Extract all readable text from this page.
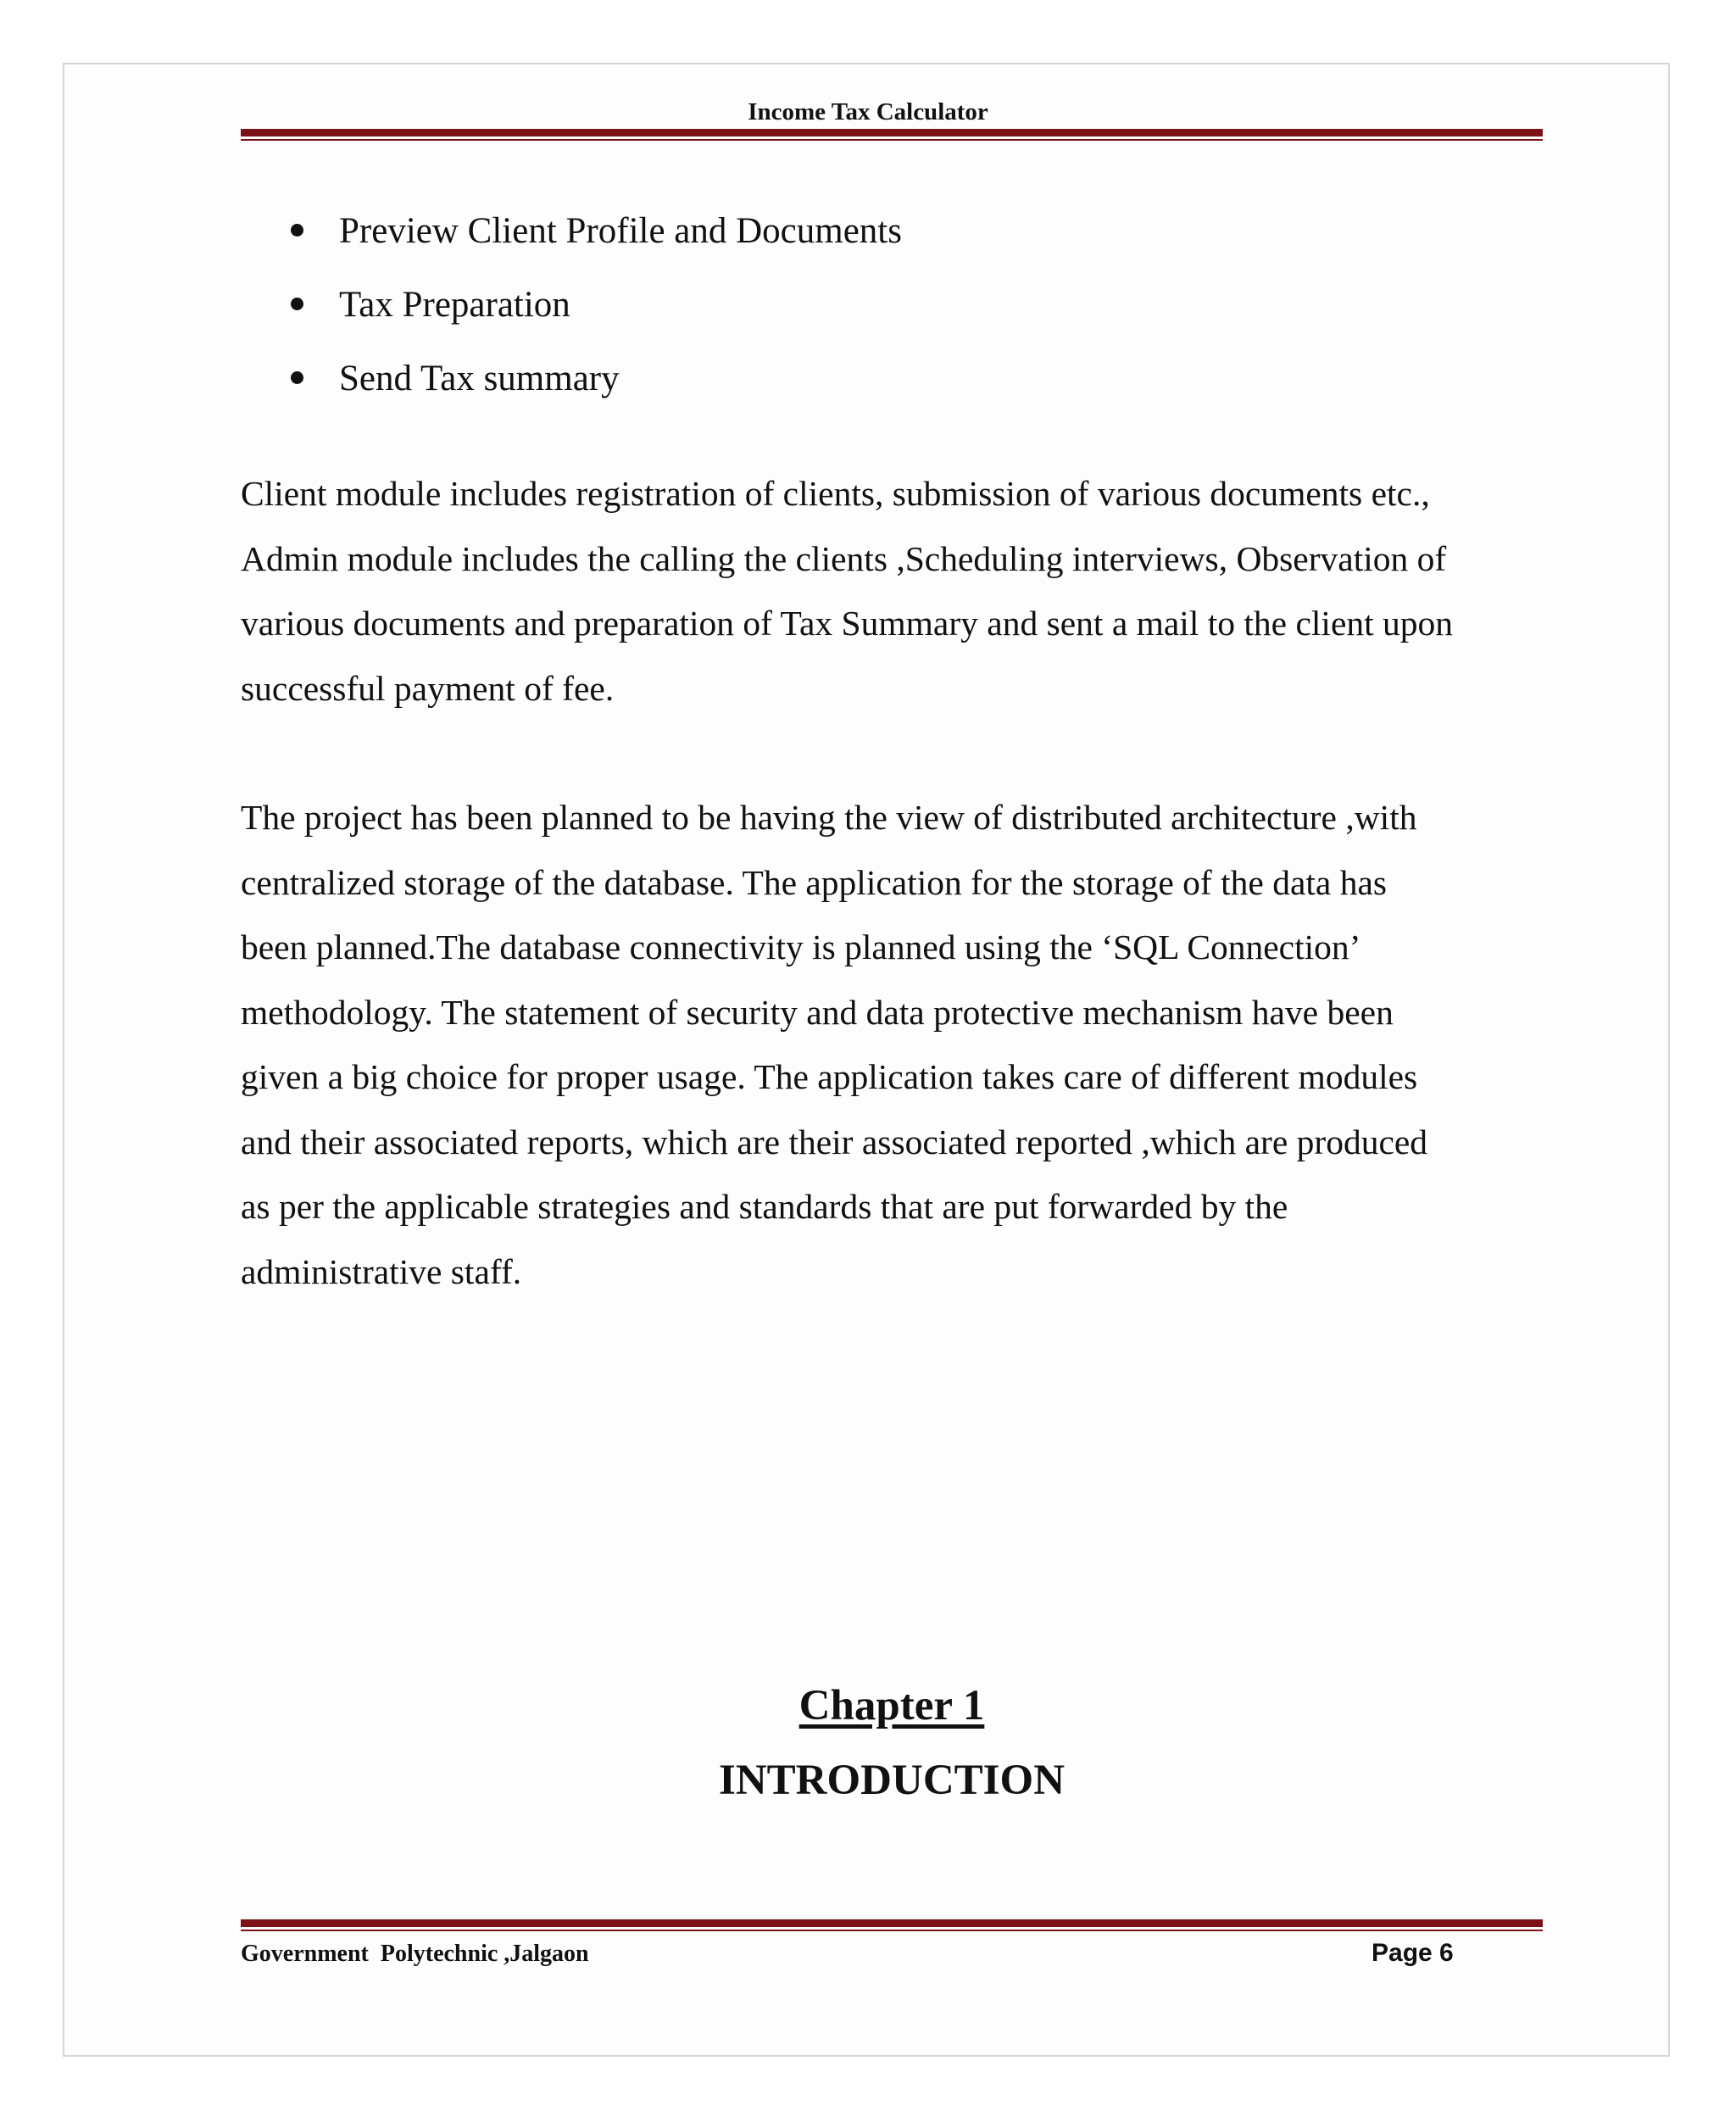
Income Tax Calculator
Preview Client Profile and Documents
Tax Preparation
Send Tax summary
Client module includes registration of clients, submission of various documents etc.,
Admin module includes the calling the clients ,Scheduling interviews, Observation of
various documents and preparation of Tax Summary and sent a mail to the client upon
successful payment of fee.
The project has been planned to be having the view of distributed architecture ,with
centralized storage of the database. The application for the storage of the data has
been planned.The database connectivity is planned using the ‘SQL Connection’
methodology. The statement of security and data protective mechanism have been
given a big choice for proper usage. The application takes care of different modules
and their associated reports, which are their associated reported ,which are produced
as per the applicable strategies and standards that are put forwarded by the
administrative staff.
Chapter 1
INTRODUCTION
Government  Polytechnic ,Jalgaon	Page 6
